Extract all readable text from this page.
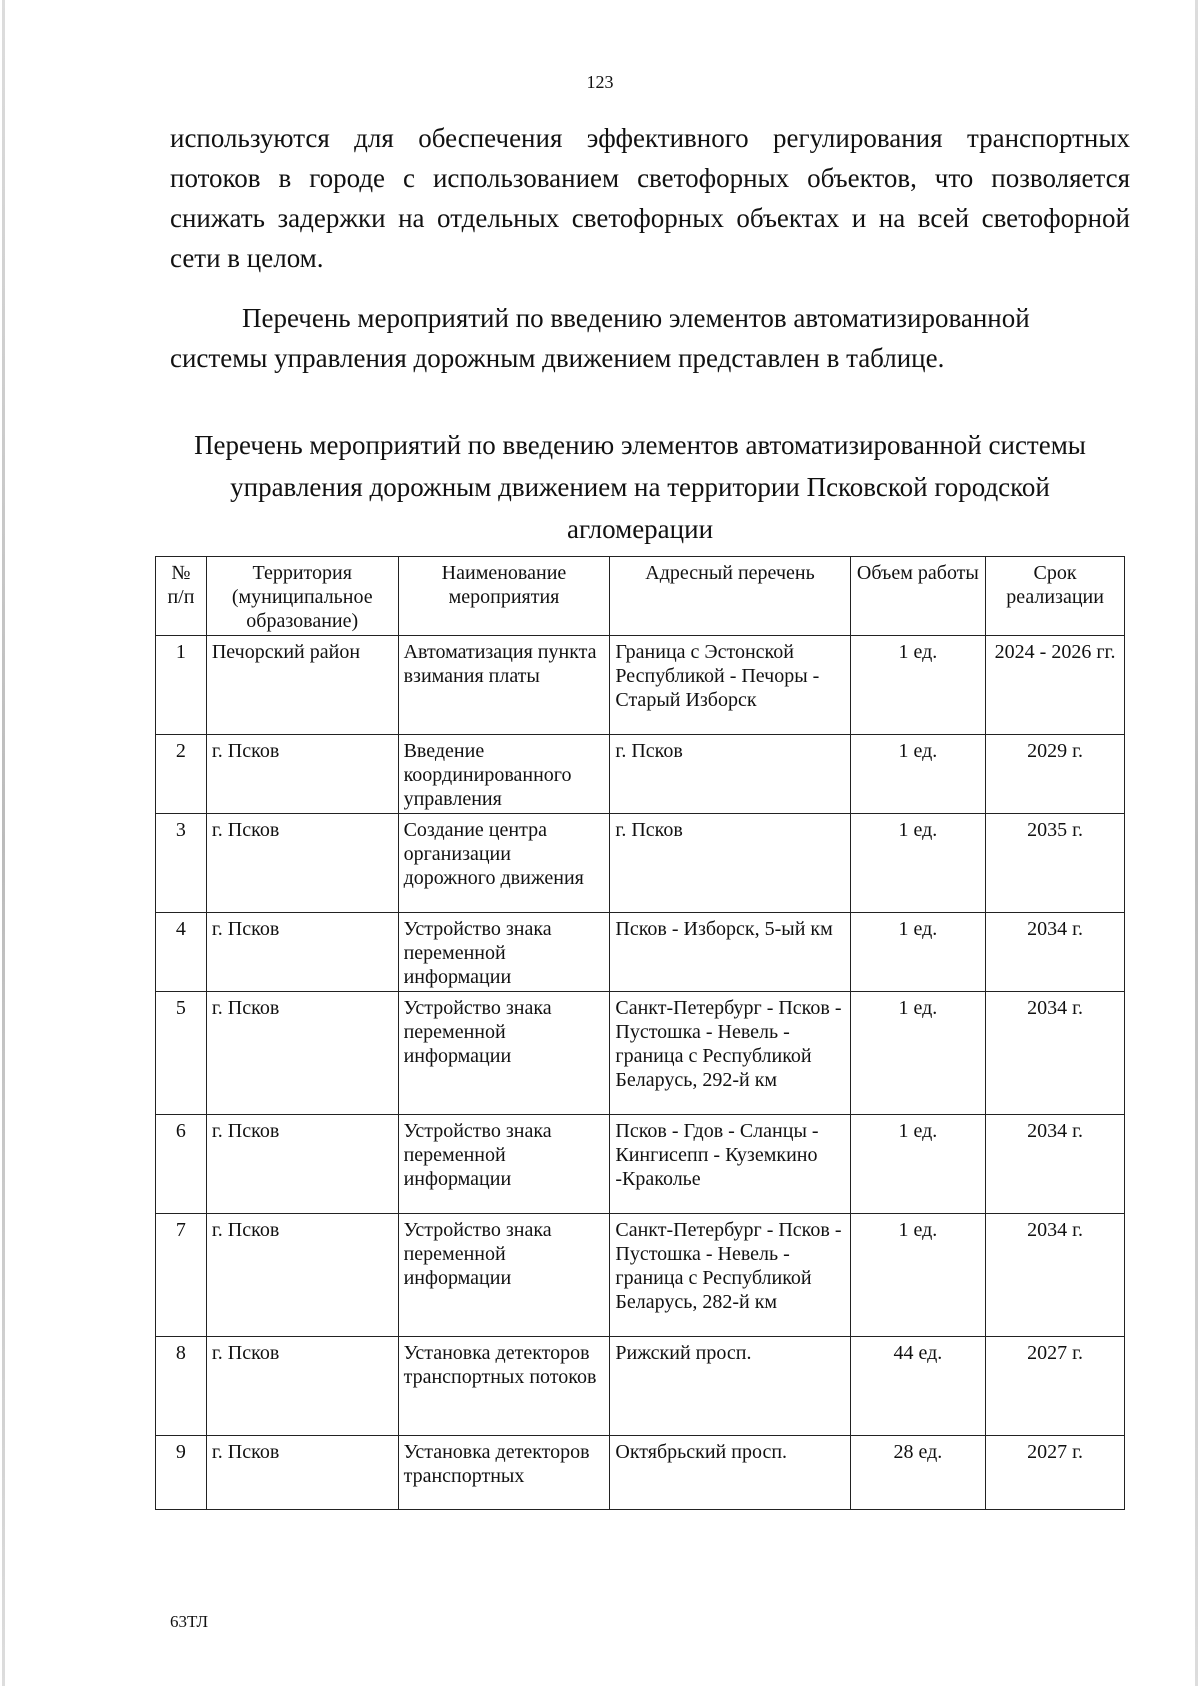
123
используются для обеспечения эффективного регулирования транспортных потоков в городе с использованием светофорных объектов, что позволяется снижать задержки на отдельных светофорных объектах и на всей светофорной сети в целом.
Перечень мероприятий по введению элементов автоматизированной системы управления дорожным движением представлен в таблице.
Перечень мероприятий по введению элементов автоматизированной системы управления дорожным движением на территории Псковской городской агломерации
№ п/п	Территория (муниципальное образование)	Наименование мероприятия	Адресный перечень	Объем работы	Срок реализации
1	Печорский район	Автоматизация пункта взимания платы	Граница с Эстонской Республикой - Печоры - Старый Изборск	1 ед.	2024 - 2026 гг.
2	г. Псков	Введение координированного управления	г. Псков	1 ед.	2029 г.
3	г. Псков	Создание центра организации дорожного движения	г. Псков	1 ед.	2035 г.
4	г. Псков	Устройство знака переменной информации	Псков - Изборск, 5-ый км	1 ед.	2034 г.
5	г. Псков	Устройство знака переменной информации	Санкт-Петербург - Псков - Пустошка - Невель - граница с Республикой Беларусь, 292-й км	1 ед.	2034 г.
6	г. Псков	Устройство знака переменной информации	Псков - Гдов - Сланцы - Кингисепп - Куземкино -Краколье	1 ед.	2034 г.
7	г. Псков	Устройство знака переменной информации	Санкт-Петербург - Псков - Пустошка - Невель - граница с Республикой Беларусь, 282-й км	1 ед.	2034 г.
8	г. Псков	Установка детекторов транспортных потоков	Рижский просп.	44 ед.	2027 г.
9	г. Псков	Установка детекторов транспортных	Октябрьский просп.	28 ед.	2027 г.
63ТЛ
